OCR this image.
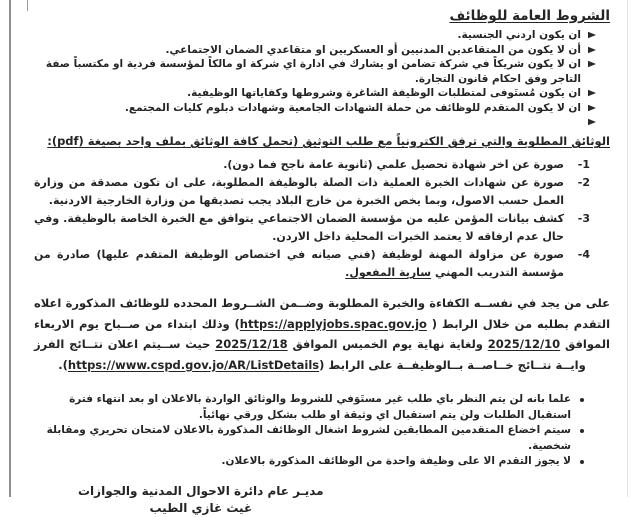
الشروط العامة للوظائف
ان يكون اردني الجنسية.
أن لا يكون من المتقاعدين المدنيين أو العسكريين او متقاعدي الضمان الاجتماعي.
ان لا يكون شريكاً في شركة تضامن او يشارك في ادارة اي شركة او مالكاً لمؤسسة فردية او مكتسباً صفة التاجر وفق احكام قانون التجارة.
ان يكون مُستَوفى لمتطلبات الوظيفة الشاغرة وشروطها وكفاياتها الوظيفية.
ان لا يكون المتقدم للوظائف من حملة الشهادات الجامعية وشهادات دبلوم كليات المجتمع.
الوثائق المطلوبة والتي ترفق الكترونياً مع طلب التوثيق (تحمل كافة الوثائق بملف واحد بصيغة (pdf):
1-
صورة عن اخر شهادة تحصيل علمي (ثانوية عامة ناجح فما دون).
2-
صورة عن شهادات الخبرة العملية ذات الصلة بالوظيفة المطلوبة، على ان تكون مصدقة من وزارة العمل حسب الاصول، وبما يخص الخبرة من خارج البلاد يجب تصديقها من وزارة الخارجية الاردنية.
3-
كشف بيانات المؤمن عليه من مؤسسة الضمان الاجتماعي يتوافق مع الخبرة الخاصة بالوظيفة. وفي حال عدم ارفاقه لا يعتمد الخبرات المحلية داخل الاردن.
4-
صورة عن مزاولة المهنة لوظيفة (فني صيانه في اختصاص الوظيفة المتقدم عليها) صادرة من مؤسسة التدريب المهني سارية المفعول.

على من يجد في نفســه الكفاءة والخبرة المطلوبة وضــمن الشــروط المحدده للوظائف المذكورة اعلاه التقدم بطلبه من خلال الرابط ( https://applyjobs.spac.gov.jo) وذلك ابتداء من صــباح يوم الاربعاء الموافق 2025/12/10 ولغاية نهاية يوم الخميس الموافق 2025/12/18 حيث ســيتم اعلان نتــائج الفرز وايــة نتــائج خــاصــة بــالوظيفــة على الرابط (https://www.cspd.gov.jo/AR/ListDetails).

علما بانه لن يتم النظر باي طلب غير مستَوَفي للشروط والوثائق الواردة بالاعلان او بعد انتهاء فترة استقبال الطلبات ولن يتم استقبال اي وثيقة او طلب بشكل ورقي نهائياً.
سيتم اخضاع المتقدمين المطابقين لشروط اشغال الوظائف المذكورة بالاعلان لامتحان تحريري ومقابلة شخصية.
لا يجوز التقدم الا على وظيفة واحدة من الوظائف المذكورة بالاعلان.
مديـر عام دائرة الاحوال المدنية والجوازات
غيث غازي الطيب
